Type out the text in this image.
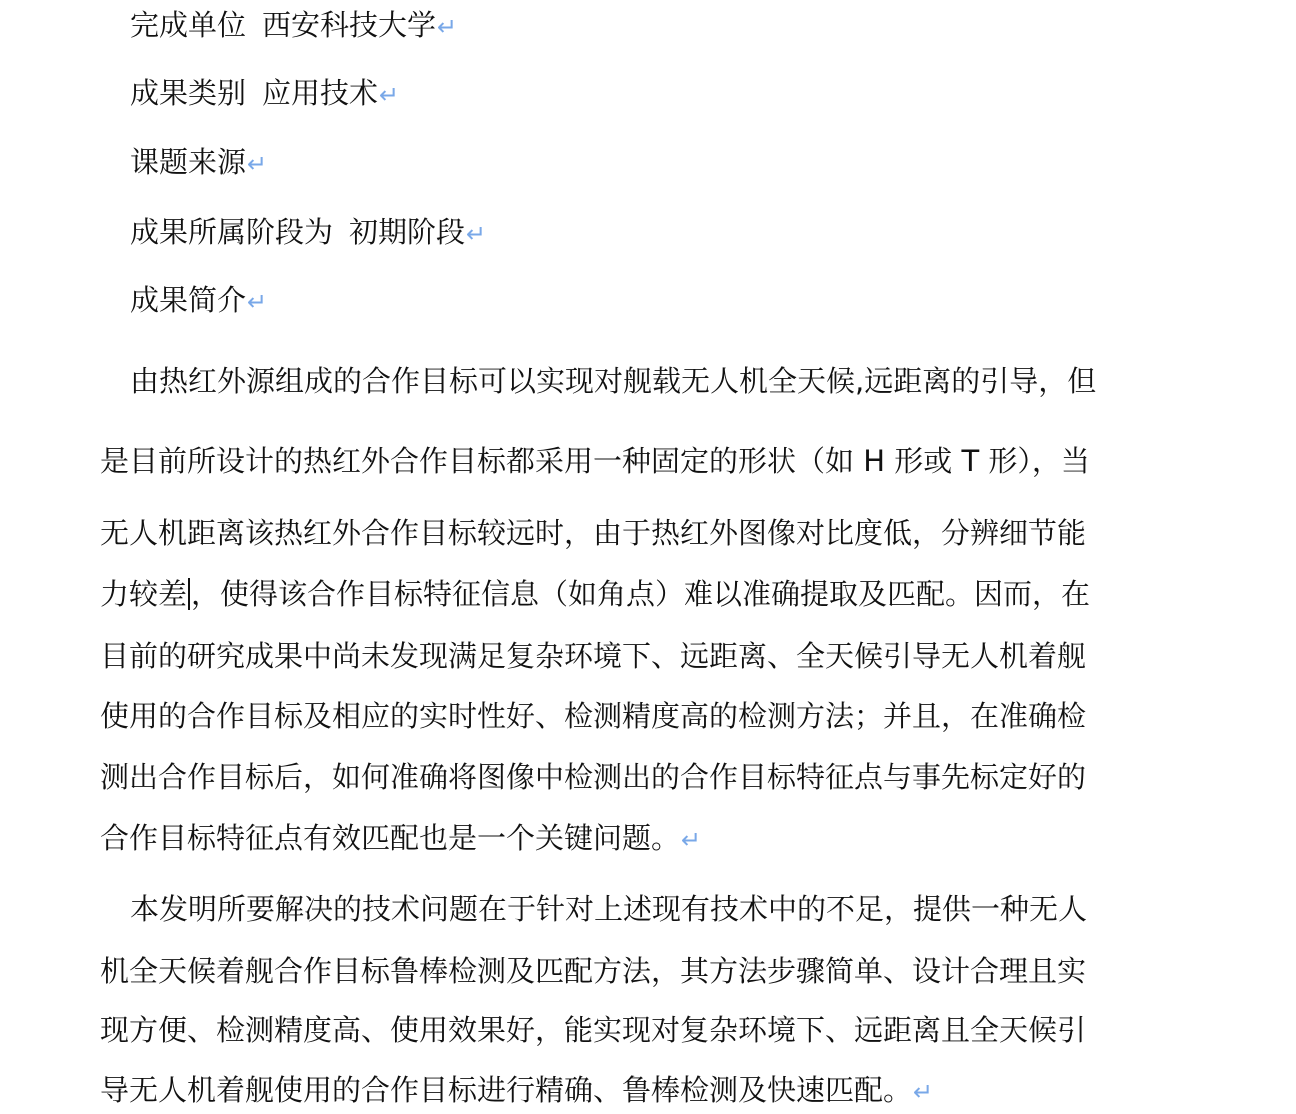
完成单位 西安科技大学↵
成果类别 应用技术↵
课题来源↵
成果所属阶段为 初期阶段↵
成果简介↵
由热红外源组成的合作目标可以实现对舰载无人机全天候,远距离的引导，但
是目前所设计的热红外合作目标都采用一种固定的形状（如 H 形或 T 形），当
无人机距离该热红外合作目标较远时，由于热红外图像对比度低，分辨细节能
力较差 ，使得该合作目标特征信息（如角点）难以准确提取及匹配。因而，在
目前的研究成果中尚未发现满足复杂环境下、远距离、全天候引导无人机着舰
使用的合作目标及相应的实时性好、检测精度高的检测方法；并且，在准确检
测出合作目标后，如何准确将图像中检测出的合作目标特征点与事先标定好的
合作目标特征点有效匹配也是一个关键问题。↵
本发明所要解决的技术问题在于针对上述现有技术中的不足，提供一种无人
机全天候着舰合作目标鲁棒检测及匹配方法，其方法步骤简单、设计合理且实
现方便、检测精度高、使用效果好，能实现对复杂环境下、远距离且全天候引
导无人机着舰使用的合作目标进行精确、鲁棒检测及快速匹配。↵
